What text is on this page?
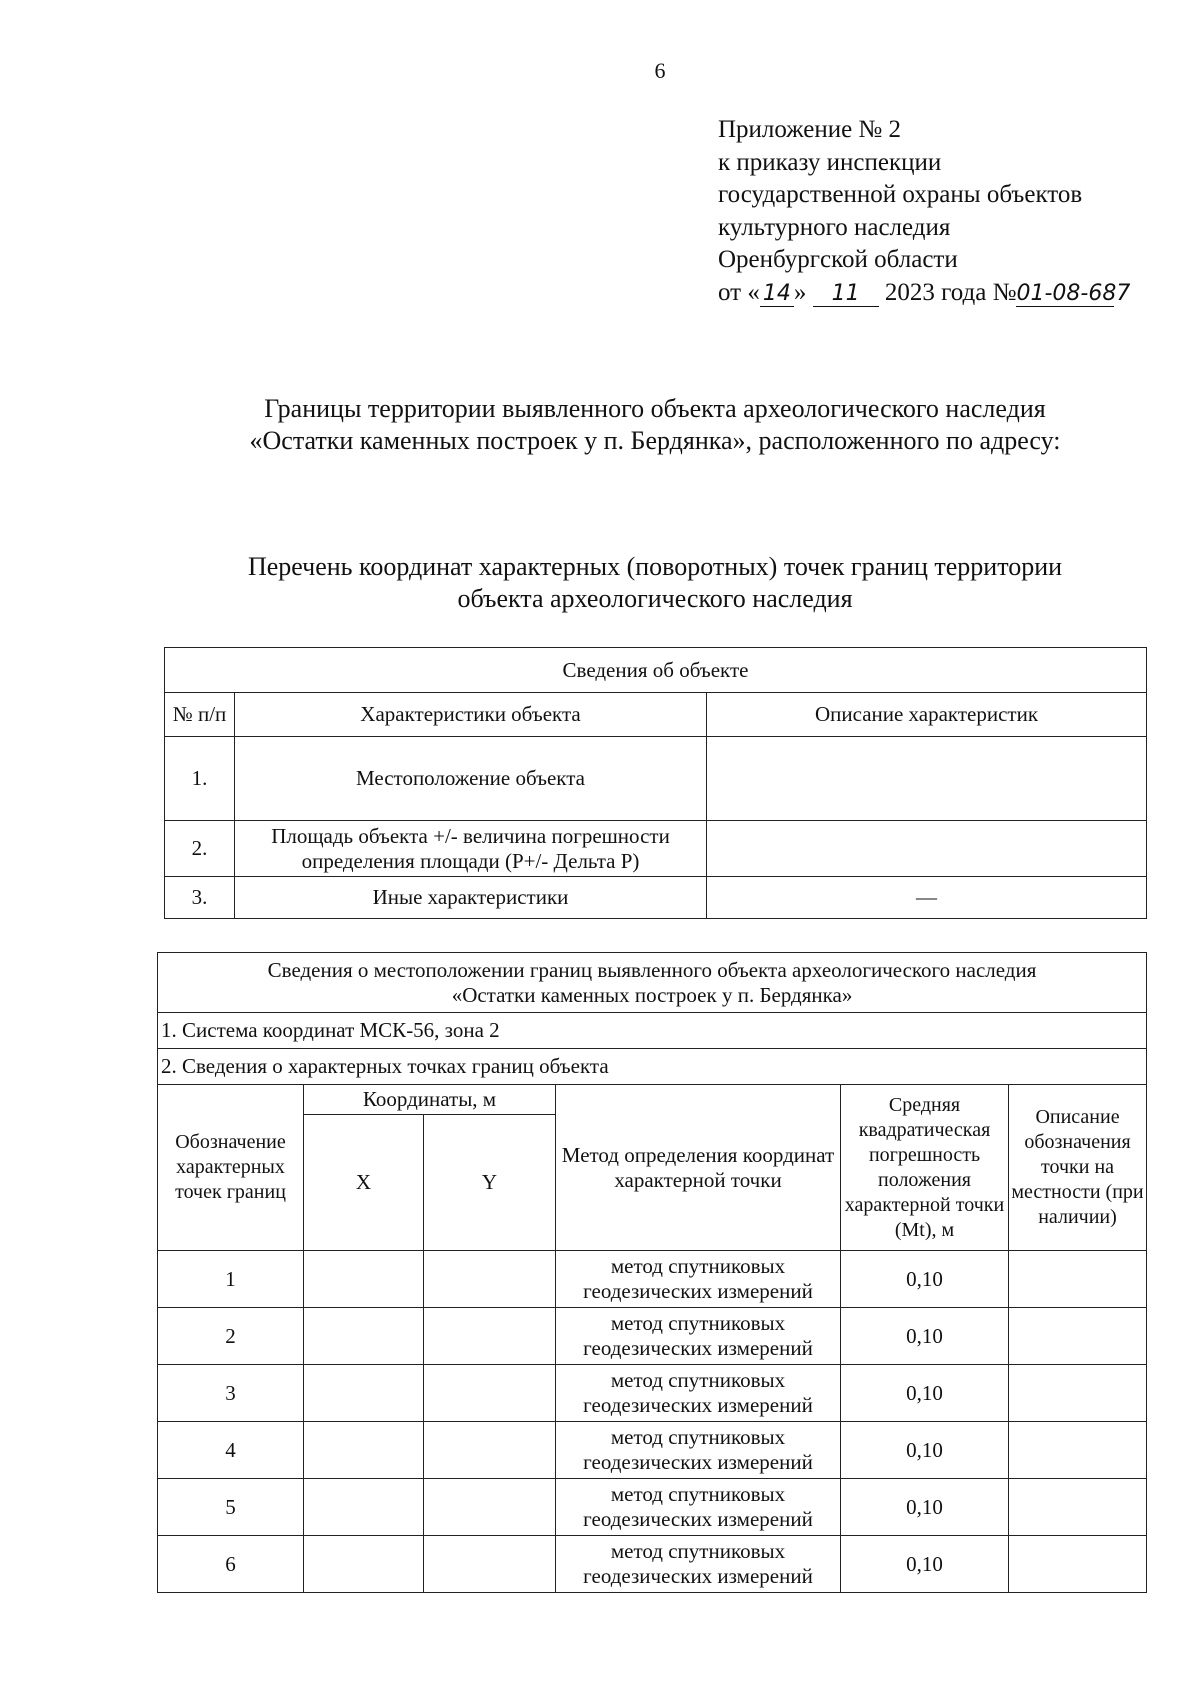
6
Приложение № 2
к приказу инспекции
государственной охраны объектов
культурного наследия
Оренбургской области
от « 14 » 11 2023 года №01-08-687
Границы территории выявленного объекта археологического наследия
«Остатки каменных построек у п. Бердянка», расположенного по адресу:
Перечень координат характерных (поворотных) точек границ территории
объекта археологического наследия
Сведения об объекте		
№ п/п	Характеристики объекта	Описание характеристик
1.	Местоположение объекта	
2.	Площадь объекта +/- величина погрешности определения площади (Р+/- Дельта Р)	
3.	Иные характеристики	—
Сведения о местоположении границ выявленного объекта археологического наследия
«Остатки каменных построек у п. Бердянка»					

1. Система координат МСК-56, зона 2					
2. Сведения о характерных точках границ объекта					
Обозначение характерных точек границ	Координаты, м		Метод определения координат характерной точки	Средняя квадратическая погрешность положения характерной точки (Mt), м	Описание обозначения точки на местности (при наличии)
	X	Y			
1			метод спутниковых геодезических измерений	0,10	
2			метод спутниковых геодезических измерений	0,10	
3			метод спутниковых геодезических измерений	0,10	
4			метод спутниковых геодезических измерений	0,10	
5			метод спутниковых геодезических измерений	0,10	
6			метод спутниковых геодезических измерений	0,10	
